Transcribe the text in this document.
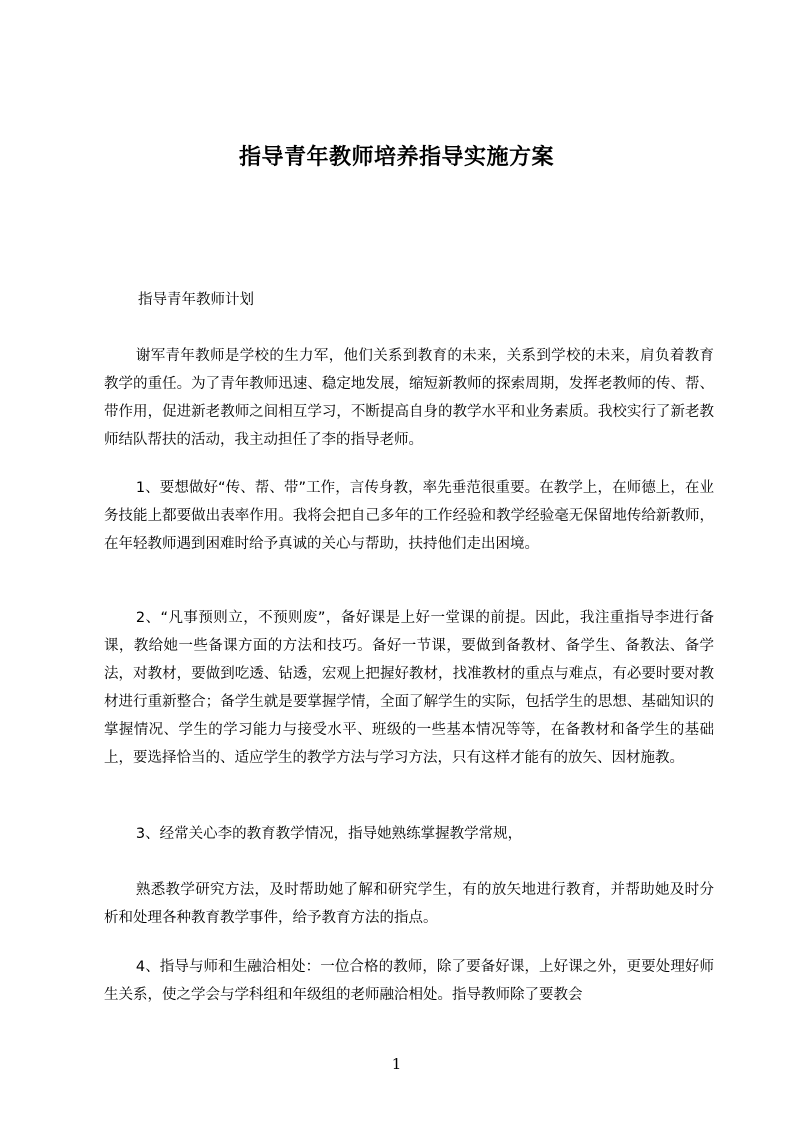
指导青年教师培养指导实施方案

指导青年教师计划

谢军青年教师是学校的生力军，他们关系到教育的未来，关系到学校的未来，肩负着教育教学的重任。为了青年教师迅速、稳定地发展，缩短新教师的探索周期，发挥老教师的传、帮、带作用，促进新老教师之间相互学习，不断提高自身的教学水平和业务素质。我校实行了新老教师结队帮扶的活动，我主动担任了李的指导老师。

1、要想做好“传、帮、带”工作，言传身教，率先垂范很重要。在教学上，在师德上，在业务技能上都要做出表率作用。我将会把自己多年的工作经验和教学经验毫无保留地传给新教师，在年轻教师遇到困难时给予真诚的关心与帮助，扶持他们走出困境。

2、“凡事预则立，不预则废”，备好课是上好一堂课的前提。因此，我注重指导李进行备课，教给她一些备课方面的方法和技巧。备好一节课，要做到备教材、备学生、备教法、备学法，对教材，要做到吃透、钻透，宏观上把握好教材，找准教材的重点与难点，有必要时要对教材进行重新整合；备学生就是要掌握学情，全面了解学生的实际，包括学生的思想、基础知识的掌握情况、学生的学习能力与接受水平、班级的一些基本情况等等，在备教材和备学生的基础上，要选择恰当的、适应学生的教学方法与学习方法，只有这样才能有的放矢、因材施教。

3、经常关心李的教育教学情况，指导她熟练掌握教学常规，

熟悉教学研究方法，及时帮助她了解和研究学生，有的放矢地进行教育，并帮助她及时分析和处理各种教育教学事件，给予教育方法的指点。

4、指导与师和生融洽相处：一位合格的教师，除了要备好课，上好课之外，更要处理好师生关系，使之学会与学科组和年级组的老师融洽相处。指导教师除了要教会

1
